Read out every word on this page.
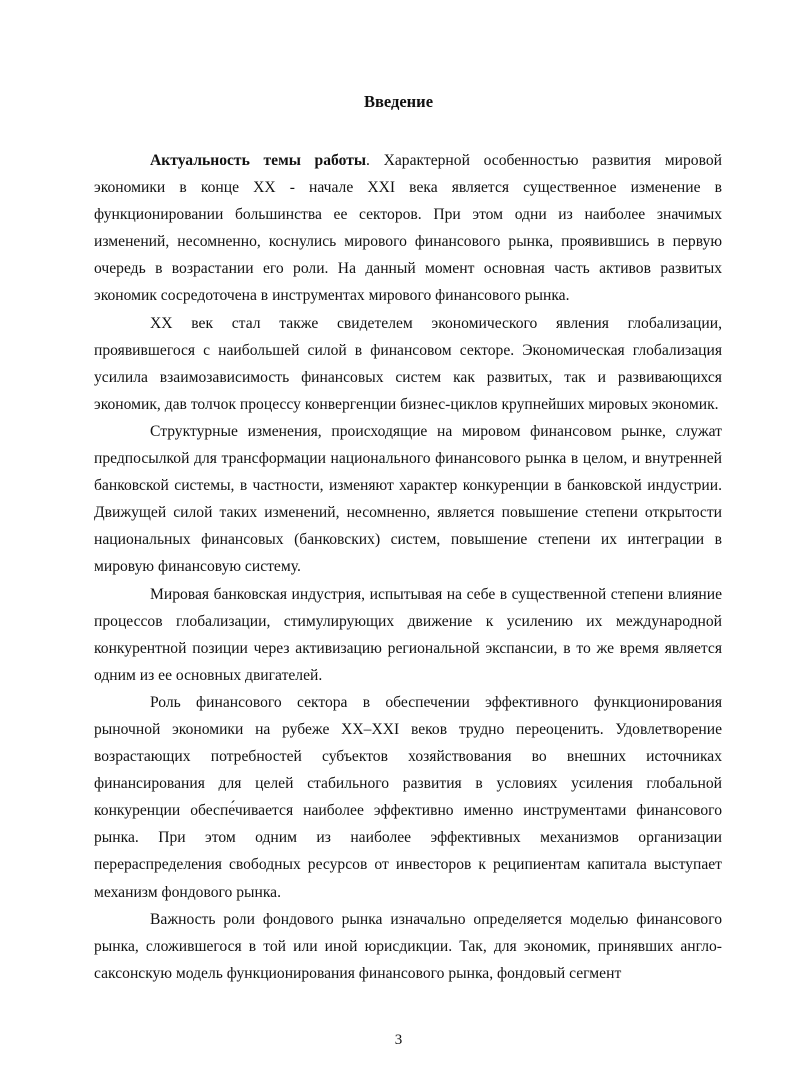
Введение

Актуальность темы работы. Характерной особенностью развития мировой экономики в конце XX - начале XXI века является существенное изменение в функционировании большинства ее секторов. При этом одни из наиболее значимых изменений, несомненно, коснулись мирового финансового рынка, проявившись в первую очередь в возрастании его роли. На данный момент основная часть активов развитых экономик сосредоточена в инструментах мирового финансового рынка.

XX век стал также свидетелем экономического явления глобализации, проявившегося с наибольшей силой в финансовом секторе. Экономическая глобализация усилила взаимозависимость финансовых систем как развитых, так и развивающихся экономик, дав толчок процессу конвергенции бизнес-циклов крупнейших мировых экономик.

Структурные изменения, происходящие на мировом финансовом рынке, служат предпосылкой для трансформации национального финансового рынка в целом, и внутренней банковской системы, в частности, изменяют характер конкуренции в банковской индустрии. Движущей силой таких изменений, несомненно, является повышение степени открытости национальных финансовых (банковских) систем, повышение степени их интеграции в мировую финансовую систему.

Мировая банковская индустрия, испытывая на себе в существенной степени влияние процессов глобализации, стимулирующих движение к усилению их международной конкурентной позиции через активизацию региональной экспансии, в то же время является одним из ее основных двигателей.

Роль финансового сектора в обеспечении эффективного функционирования рыночной экономики на рубеже XX–XXI веков трудно переоценить. Удовлетворение возрастающих потребностей субъектов хозяйствования во внешних источниках финансирования для целей стабильного развития в условиях усиления глобальной конкуренции обеспе́чивается наиболее эффективно именно инструментами финансового рынка. При этом одним из наиболее эффективных механизмов организации перераспределения свободных ресурсов от инвесторов к реципиентам капитала выступает механизм фондового рынка.

Важность роли фондового рынка изначально определяется моделью финансового рынка, сложившегося в той или иной юрисдикции. Так, для экономик, принявших англо-саксонскую модель функционирования финансового рынка, фондовый сегмент

3
